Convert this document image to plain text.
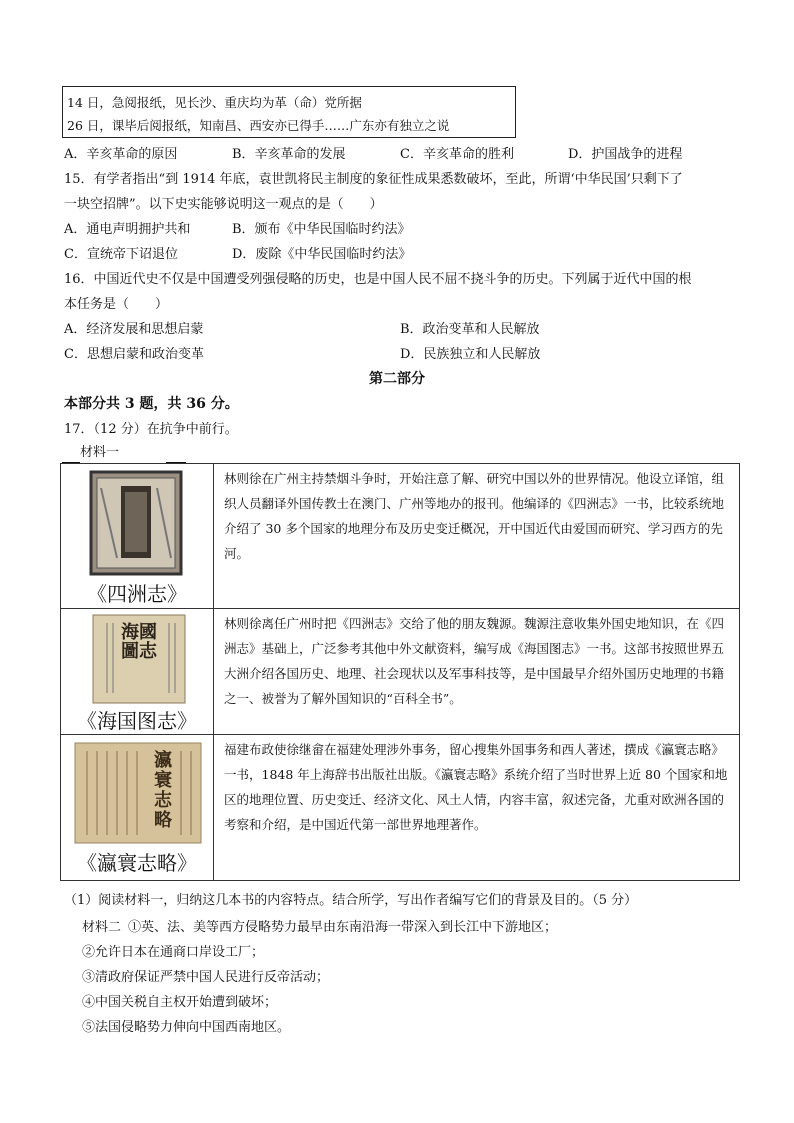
14 日，急阅报纸，见长沙、重庆均为革（命）党所据
26 日，课毕后阅报纸，知南昌、西安亦已得手……广东亦有独立之说
A．辛亥革命的原因	B．辛亥革命的发展	C．辛亥革命的胜利	D．护国战争的进程
15．有学者指出“到 1914 年底，袁世凯将民主制度的象征性成果悉数破坏，至此，所谓‘中华民国’只剩下了
一块空招牌”。以下史实能够说明这一观点的是（　　）
A．通电声明拥护共和	B．颁布《中华民国临时约法》
C．宣统帝下诏退位	D．废除《中华民国临时约法》
16．中国近代史不仅是中国遭受列强侵略的历史，也是中国人民不屈不挠斗争的历史。下列属于近代中国的根
本任务是（　　）
A．经济发展和思想启蒙	B．政治变革和人民解放
C．思想启蒙和政治变革	D．民族独立和人民解放
第二部分
本部分共 3 题，共 36 分。
17．（12 分）在抗争中前行。
材料一
《四洲志》	林则徐在广州主持禁烟斗争时，开始注意了解、研究中国以外的世界情况。他设立译馆，组织人员翻译外国传教士在澳门、广州等地办的报刊。他编译的《四洲志》一书，比较系统地介绍了 30 多个国家的地理分布及历史变迁概况，开中国近代由爱国而研究、学习西方的先河。

海國圖志
《海国图志》	林则徐离任广州时把《四洲志》交给了他的朋友魏源。魏源注意收集外国史地知识，在《四洲志》基础上，广泛参考其他中外文献资料，编写成《海国图志》一书。这部书按照世界五大洲介绍各国历史、地理、社会现状以及军事科技等，是中国最早介绍外国历史地理的书籍之一、被誉为了解外国知识的“百科全书”。

瀛寰志略
《瀛寰志略》	福建布政使徐继畲在福建处理涉外事务，留心搜集外国事务和西人著述，撰成《瀛寰志略》一书，1848 年上海辞书出版社出版。《瀛寰志略》系统介绍了当时世界上近 80 个国家和地区的地理位置、历史变迁、经济文化、风土人情，内容丰富，叙述完备，尤重对欧洲各国的考察和介绍，是中国近代第一部世界地理著作。
（1）阅读材料一，归纳这几本书的内容特点。结合所学，写出作者编写它们的背景及目的。（5 分）
材料二 ①英、法、美等西方侵略势力最早由东南沿海一带深入到长江中下游地区；
②允许日本在通商口岸设工厂；
③清政府保证严禁中国人民进行反帝活动；
④中国关税自主权开始遭到破坏；
⑤法国侵略势力伸向中国西南地区。
